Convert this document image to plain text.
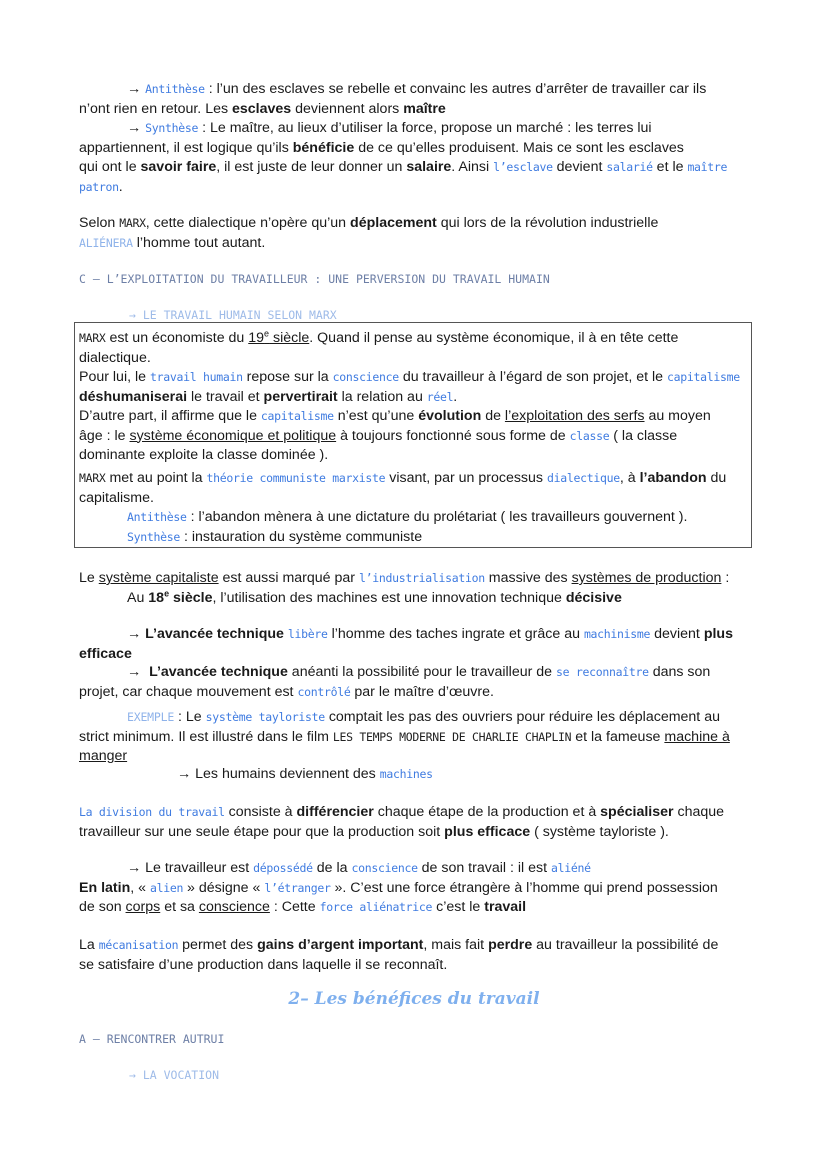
→ Antithèse : l’un des esclaves se rebelle et convainc les autres d’arrêter de travailler car ils
n’ont rien en retour. Les esclaves deviennent alors maître

→ Synthèse : Le maître, au lieux d’utiliser la force, propose un marché : les terres lui
appartiennent, il est logique qu’ils bénéficie de ce qu’elles produisent. Mais ce sont les esclaves
qui ont le savoir faire, il est juste de leur donner un salaire. Ainsi l’esclave devient salarié et le maître
patron.

Selon MARX, cette dialectique n’opère qu’un déplacement qui lors de la révolution industrielle
ALIÉNERA l’homme tout autant.

C – L’EXPLOITATION DU TRAVAILLEUR : UNE PERVERSION DU TRAVAIL HUMAIN

→ LE TRAVAIL HUMAIN SELON MARX

MARX est un économiste du 19e siècle. Quand il pense au système économique, il à en tête cette
dialectique.
Pour lui, le travail humain repose sur la conscience du travailleur à l’égard de son projet, et le capitalisme
déshumaniserai le travail et pervertirait la relation au réel.
D’autre part, il affirme que le capitalisme n’est qu’une évolution de l’exploitation des serfs au moyen
âge : le système économique et politique à toujours fonctionné sous forme de classe ( la classe
dominante exploite la classe dominée ).

MARX met au point la théorie communiste marxiste visant, par un processus dialectique, à l’abandon du
capitalisme.
Antithèse : l’abandon mènera à une dictature du prolétariat ( les travailleurs gouvernent ).
Synthèse : instauration du système communiste

Le système capitaliste est aussi marqué par l’industrialisation massive des systèmes de production :
Au 18e siècle, l’utilisation des machines est une innovation technique décisive

→ L’avancée technique libère l’homme des taches ingrate et grâce au machinisme devient plus
efficace

→ L’avancée technique anéanti la possibilité pour le travailleur de se reconnaître dans son
projet, car chaque mouvement est contrôlé par le maître d’œuvre.

EXEMPLE : Le système tayloriste comptait les pas des ouvriers pour réduire les déplacement au
strict minimum. Il est illustré dans le film LES TEMPS MODERNE DE CHARLIE CHAPLIN et la fameuse machine à
manger

→ Les humains deviennent des machines

La division du travail consiste à différencier chaque étape de la production et à spécialiser chaque
travailleur sur une seule étape pour que la production soit plus efficace ( système tayloriste ).

→ Le travailleur est dépossédé de la conscience de son travail : il est aliéné
En latin, « alien » désigne « l’étranger ». C’est une force étrangère à l’homme qui prend possession
de son corps et sa conscience : Cette force aliénatrice c’est le travail

La mécanisation permet des gains d’argent important, mais fait perdre au travailleur la possibilité de
se satisfaire d’une production dans laquelle il se reconnaît.

2– Les bénéfices du travail

A – RENCONTRER AUTRUI

→ LA VOCATION
